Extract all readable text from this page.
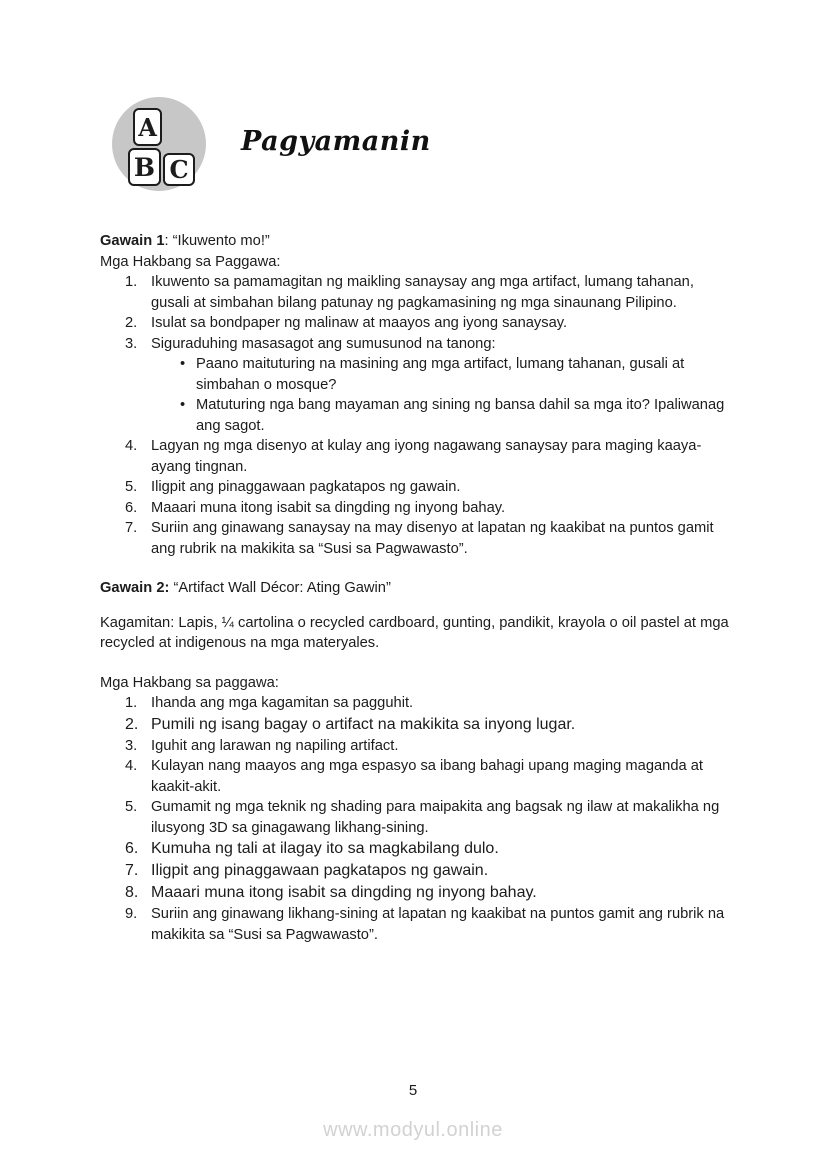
A
B C
Pagyamanin

Gawain 1: “Ikuwento mo!”

Mga Hakbang sa Paggawa:

Ikuwento sa pamamagitan ng maikling sanaysay ang mga artifact, lumang tahanan, gusali at simbahan bilang patunay ng pagkamasining ng mga sinaunang Pilipino.
Isulat sa bondpaper ng malinaw at maayos ang iyong sanaysay.
Siguraduhing masasagot ang sumusunod na tanong:
• Paano maituturing na masining ang mga artifact, lumang tahanan, gusali at simbahan o mosque?
• Matuturing nga bang mayaman ang sining ng bansa dahil sa mga ito? Ipaliwanag ang sagot.
Lagyan ng mga disenyo at kulay ang iyong nagawang sanaysay para maging kaaya-ayang tingnan.
Iligpit ang pinaggawaan pagkatapos ng gawain.
Maaari muna itong isabit sa dingding ng inyong bahay.
Suriin ang ginawang sanaysay na may disenyo at lapatan ng kaakibat na puntos gamit ang rubrik na makikita sa “Susi sa Pagwawasto”.

Gawain 2: “Artifact Wall Décor: Ating Gawin”

Kagamitan: Lapis, ¼ cartolina o recycled cardboard, gunting, pandikit, krayola o oil pastel at mga recycled at indigenous na mga materyales.

Mga Hakbang sa paggawa:

Ihanda ang mga kagamitan sa pagguhit.
Pumili ng isang bagay o artifact na makikita sa inyong lugar.
Iguhit ang larawan ng napiling artifact.
Kulayan nang maayos ang mga espasyo sa ibang bahagi upang maging maganda at kaakit-akit.
Gumamit ng mga teknik ng shading para maipakita ang bagsak ng ilaw at makalikha ng ilusyong 3D sa ginagawang likhang-sining.
Kumuha ng tali at ilagay ito sa magkabilang dulo.
Iligpit ang pinaggawaan pagkatapos ng gawain.
Maaari muna itong isabit sa dingding ng inyong bahay.
Suriin ang ginawang likhang-sining at lapatan ng kaakibat na puntos gamit ang rubrik na makikita sa “Susi sa Pagwawasto”.
5
www.modyul.online
